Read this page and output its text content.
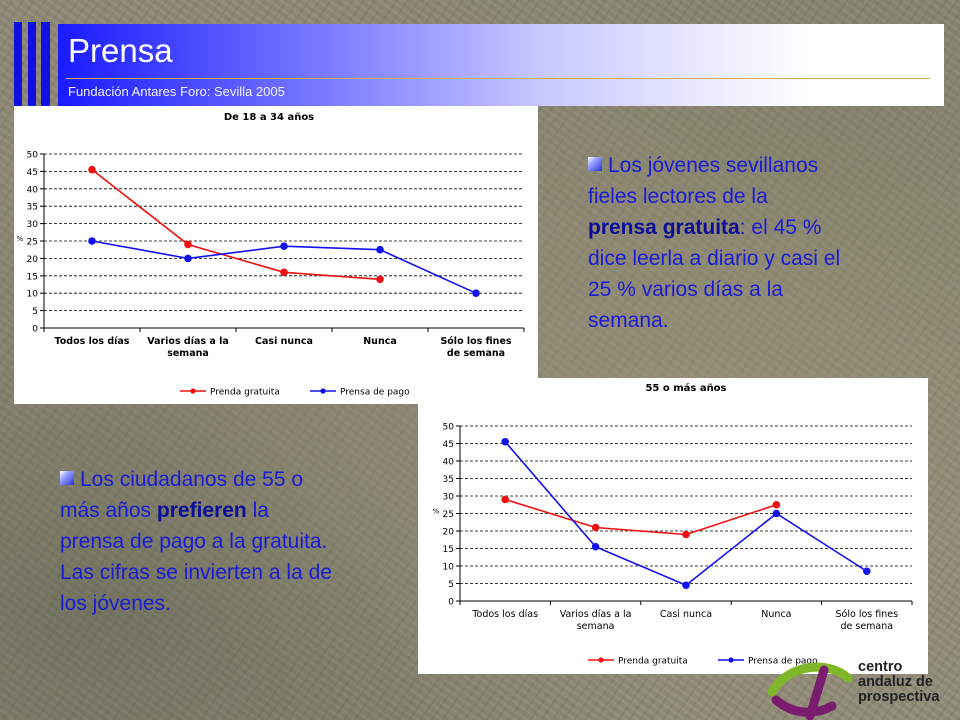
Prensa
Fundación Antares Foro: Sevilla 2005
De 18 a 34 años
0
5
10
15
20
25
30
35
40
45
50
%
Todos los días Varios días a la
semana
Casi nunca	Nunca	Sólo los fines
de semana
Prenda gratuita	Prensa de pago	55 o más años
0
5
10
15
20
25
30
35
40
45
50
%
Todos los días Varios días a la
semana
Casi nunca	Nunca	Sólo los fines
de semana
Prenda gratuita	Prensa de pago
Los jóvenes sevillanos
fieles lectores de la
prensa gratuita: el 45 %
dice leerla a diario y casi el
25 % varios días a la
semana.
Los ciudadanos de 55 o
más años prefieren la
prensa de pago a la gratuita.
Las cifras se invierten a la de
los jóvenes.
centro
andaluz de
prospectiva
